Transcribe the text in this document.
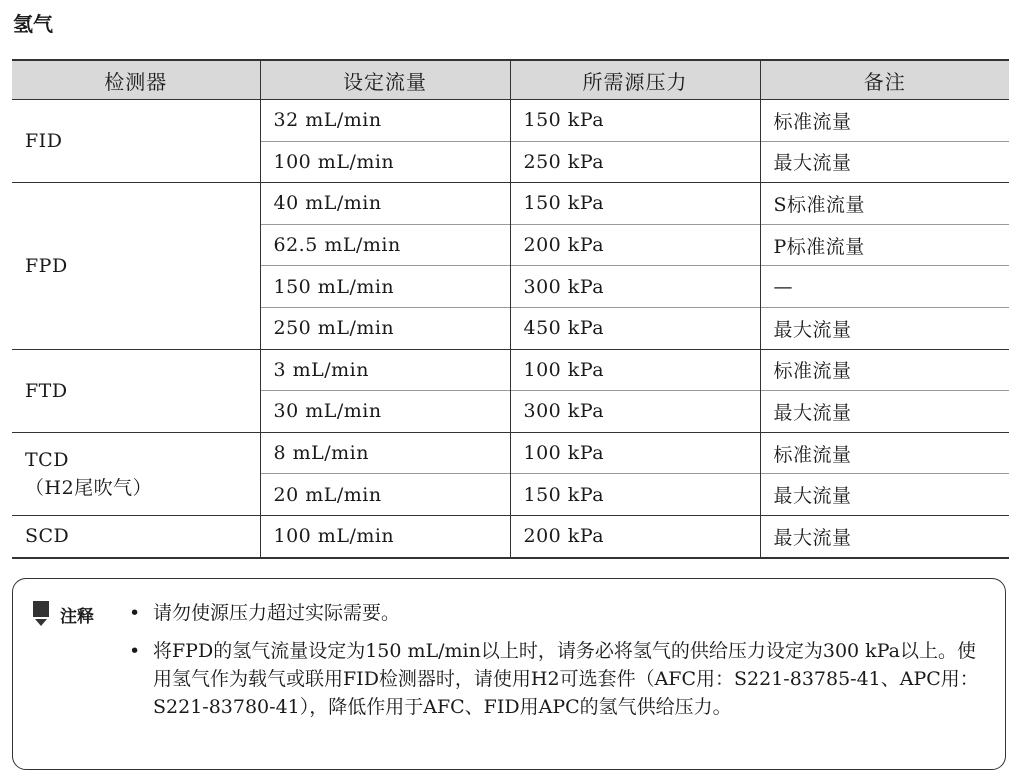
氢气
检测器	设定流量	所需源压力	备注

FID	32 mL/min	150 kPa	标准流量
	100 mL/min	250 kPa	最大流量

FPD	40 mL/min	150 kPa	S标准流量
	62.5 mL/min	200 kPa	P标准流量
	150 mL/min	300 kPa	—
	250 mL/min	450 kPa	最大流量

FTD	3 mL/min	100 kPa	标准流量
	30 mL/min	300 kPa	最大流量

TCD
（H2尾吹气）	8 mL/min	100 kPa	标准流量
	20 mL/min	150 kPa	最大流量

SCD	100 mL/min	200 kPa	最大流量
注释 • 请勿使源压力超过实际需要。
• 将FPD的氢气流量设定为150 mL/min以上时，请务必将氢气的供给压力设定为300 kPa以上。使用氢气作为载气或联用FID检测器时，请使用H2可选套件（AFC用：S221-83785-41、APC用：S221-83780-41），降低作用于AFC、FID用APC的氢气供给压力。
